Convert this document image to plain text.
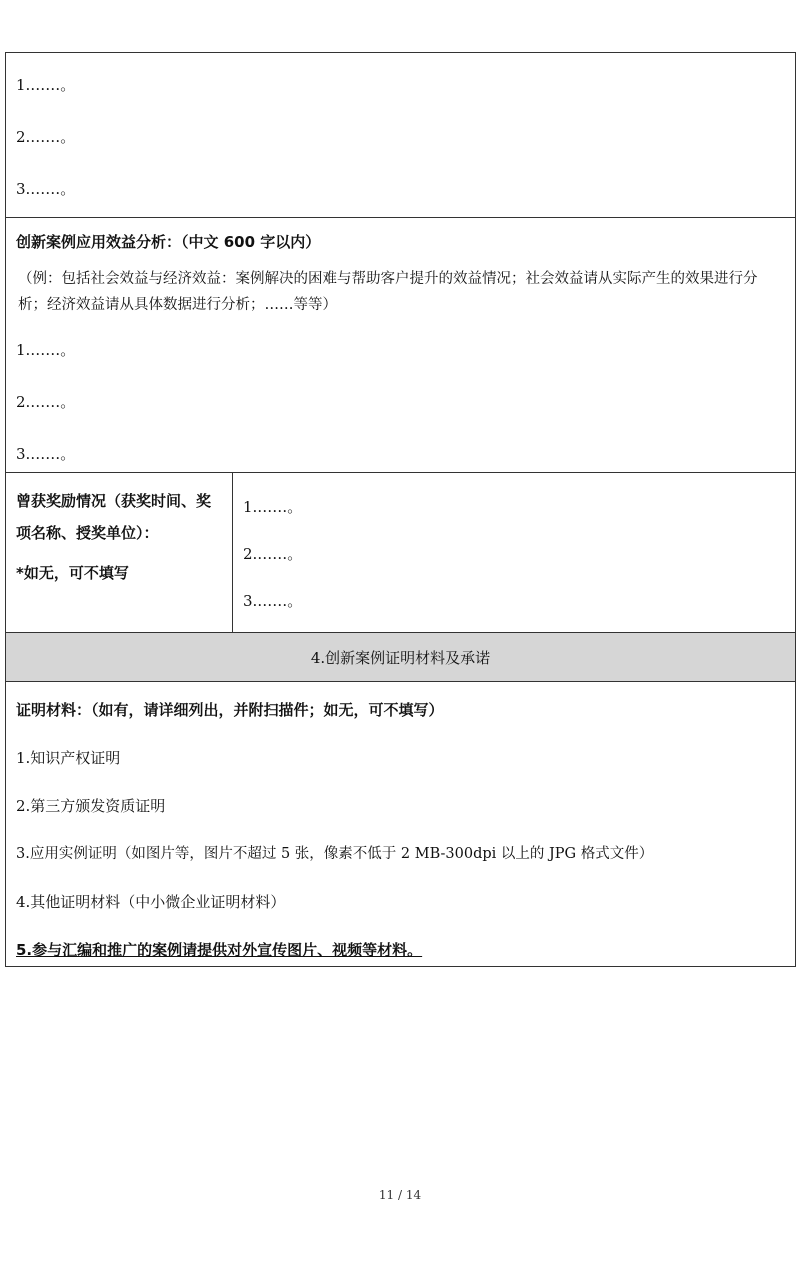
1.……。

2.……。

3.……。

创新案例应用效益分析：（中文 600 字以内）

（例：包括社会效益与经济效益：案例解决的困难与帮助客户提升的效益情况；社会效益请从实际产生的效果进行分析；经济效益请从具体数据进行分析；……等等）

1.……。

2.……。

3.……。

曾获奖励情况（获奖时间、奖项名称、授奖单位）：

*如无，可不填写

1.……。

2.……。

3.……。

4.创新案例证明材料及承诺

证明材料：（如有，请详细列出，并附扫描件；如无，可不填写）

1.知识产权证明

2.第三方颁发资质证明

3.应用实例证明（如图片等，图片不超过 5 张，像素不低于 2 MB-300dpi 以上的 JPG 格式文件）

4.其他证明材料（中小微企业证明材料）

5.参与汇编和推广的案例请提供对外宣传图片、视频等材料。

11 / 14
